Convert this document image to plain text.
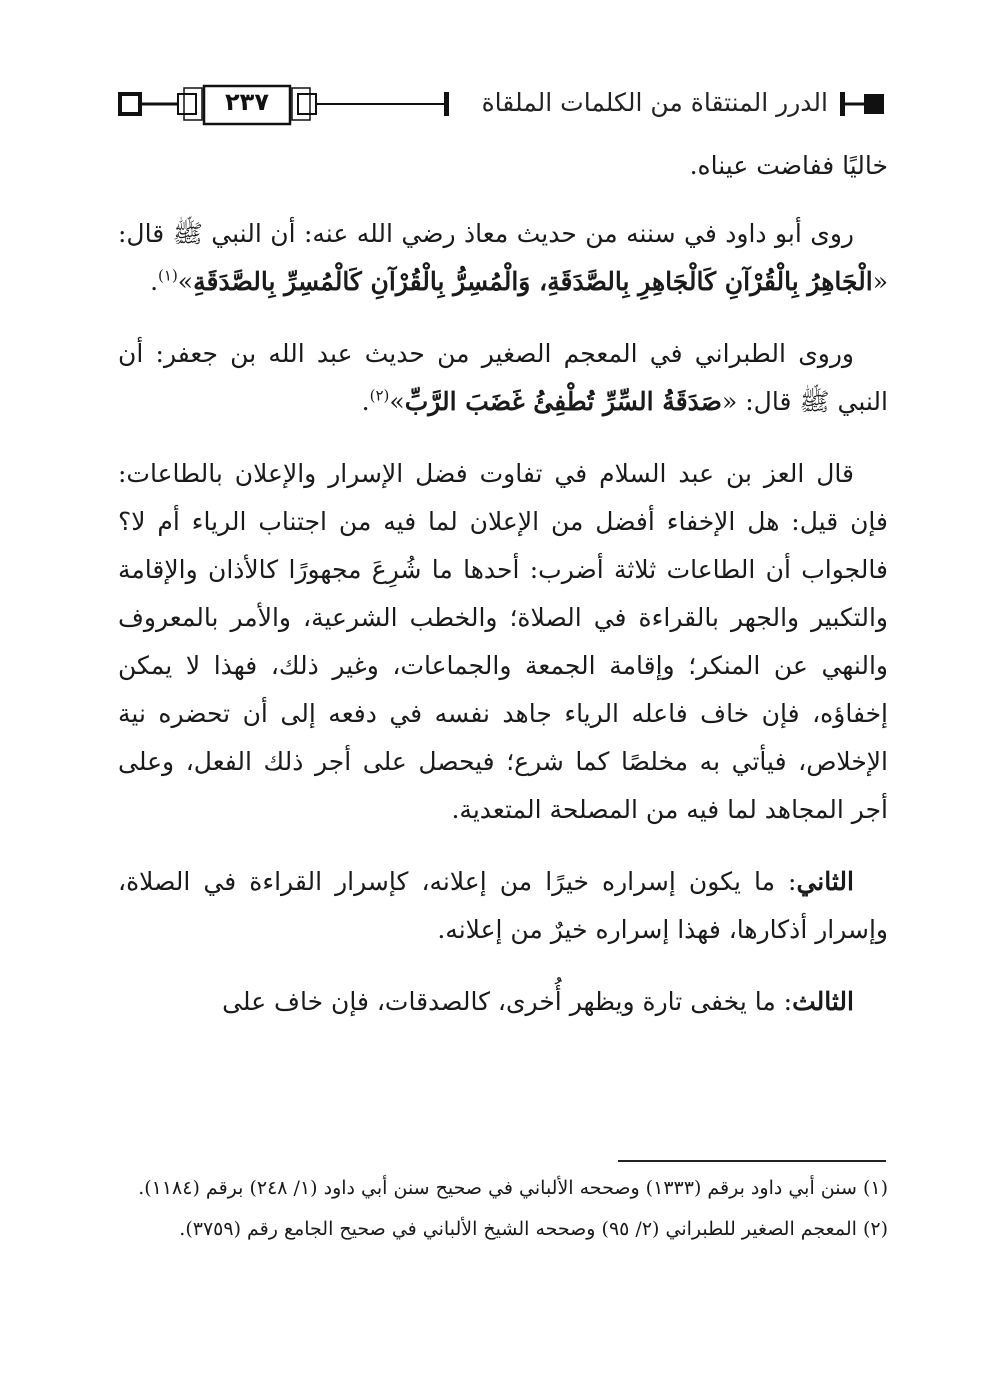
الدرر المنتقاة من الكلمات الملقاة
٢٣٧

خاليًا ففاضت عيناه.

روى أبو داود في سننه من حديث معاذ رضي الله عنه: أن النبي ﷺ قال: «الْجَاهِرُ بِالْقُرْآنِ كَالْجَاهِرِ بِالصَّدَقَةِ، وَالْمُسِرُّ بِالْقُرْآنِ كَالْمُسِرِّ بِالصَّدَقَةِ»$^{(١)}$.

وروى الطبراني في المعجم الصغير من حديث عبد الله بن جعفر: أن النبي ﷺ قال: «صَدَقَةُ السِّرِّ تُطْفِئُ غَضَبَ الرَّبِّ»$^{(٢)}$.

قال العز بن عبد السلام في تفاوت فضل الإسرار والإعلان بالطاعات: فإن قيل: هل الإخفاء أفضل من الإعلان لما فيه من اجتناب الرياء أم لا؟ فالجواب أن الطاعات ثلاثة أضرب: أحدها ما شُرِعَ مجهورًا كالأذان والإقامة والتكبير والجهر بالقراءة في الصلاة؛ والخطب الشرعية، والأمر بالمعروف والنهي عن المنكر؛ وإقامة الجمعة والجماعات، وغير ذلك، فهذا لا يمكن إخفاؤه، فإن خاف فاعله الرياء جاهد نفسه في دفعه إلى أن تحضره نية الإخلاص، فيأتي به مخلصًا كما شرع؛ فيحصل على أجر ذلك الفعل، وعلى أجر المجاهد لما فيه من المصلحة المتعدية.

الثاني: ما يكون إسراره خيرًا من إعلانه، كإسرار القراءة في الصلاة، وإسرار أذكارها، فهذا إسراره خيرٌ من إعلانه.

الثالث: ما يخفى تارة ويظهر أُخرى، كالصدقات، فإن خاف على

(١) سنن أبي داود برقم (١٣٣٣) وصححه الألباني في صحيح سنن أبي داود (١/ ٢٤٨) برقم (١١٨٤).

(٢) المعجم الصغير للطبراني (٢/ ٩٥) وصححه الشيخ الألباني في صحيح الجامع رقم (٣٧٥٩).
